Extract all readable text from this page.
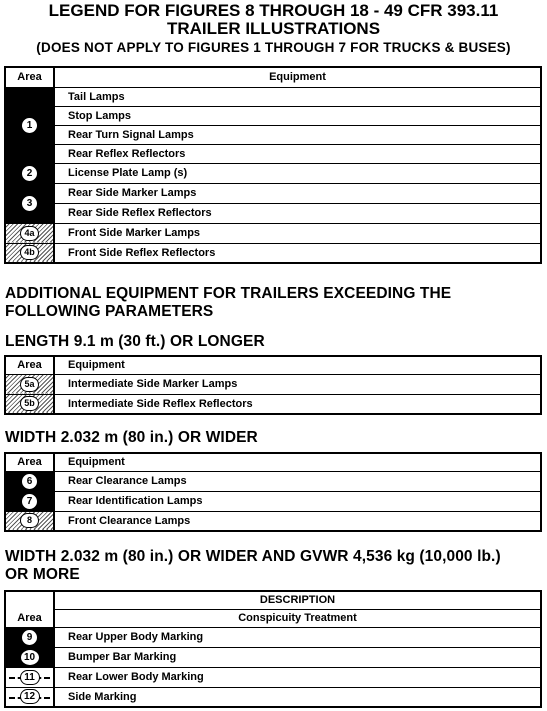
LEGEND FOR FIGURES 8 THROUGH 18 - 49 CFR 393.11
TRAILER ILLUSTRATIONS
(DOES NOT APPLY TO FIGURES 1 THROUGH 7 FOR TRUCKS & BUSES)
Area	Equipment
1	Tail Lamps
	Stop Lamps
	Rear Turn Signal Lamps
	Rear Reflex Reflectors
2	License Plate Lamp (s)
3	Rear Side Marker Lamps
	Rear Side Reflex Reflectors
4a	Front Side Marker Lamps
4b	Front Side Reflex Reflectors
ADDITIONAL EQUIPMENT FOR TRAILERS EXCEEDING THE
FOLLOWING PARAMETERS
LENGTH 9.1 m (30 ft.) OR LONGER
Area	Equipment
5a	Intermediate Side Marker Lamps
5b	Intermediate Side Reflex Reflectors
WIDTH 2.032 m (80 in.) OR WIDER
Area	Equipment
6	Rear Clearance Lamps
7	Rear Identification Lamps
8	Front Clearance Lamps
WIDTH 2.032 m (80 in.) OR WIDER AND GVWR 4,536 kg (10,000 lb.)
OR MORE
	DESCRIPTION
Area	Conspicuity Treatment
9	Rear Upper Body Marking
10	Bumper Bar Marking

11	Rear Lower Body Marking

12	Side Marking
